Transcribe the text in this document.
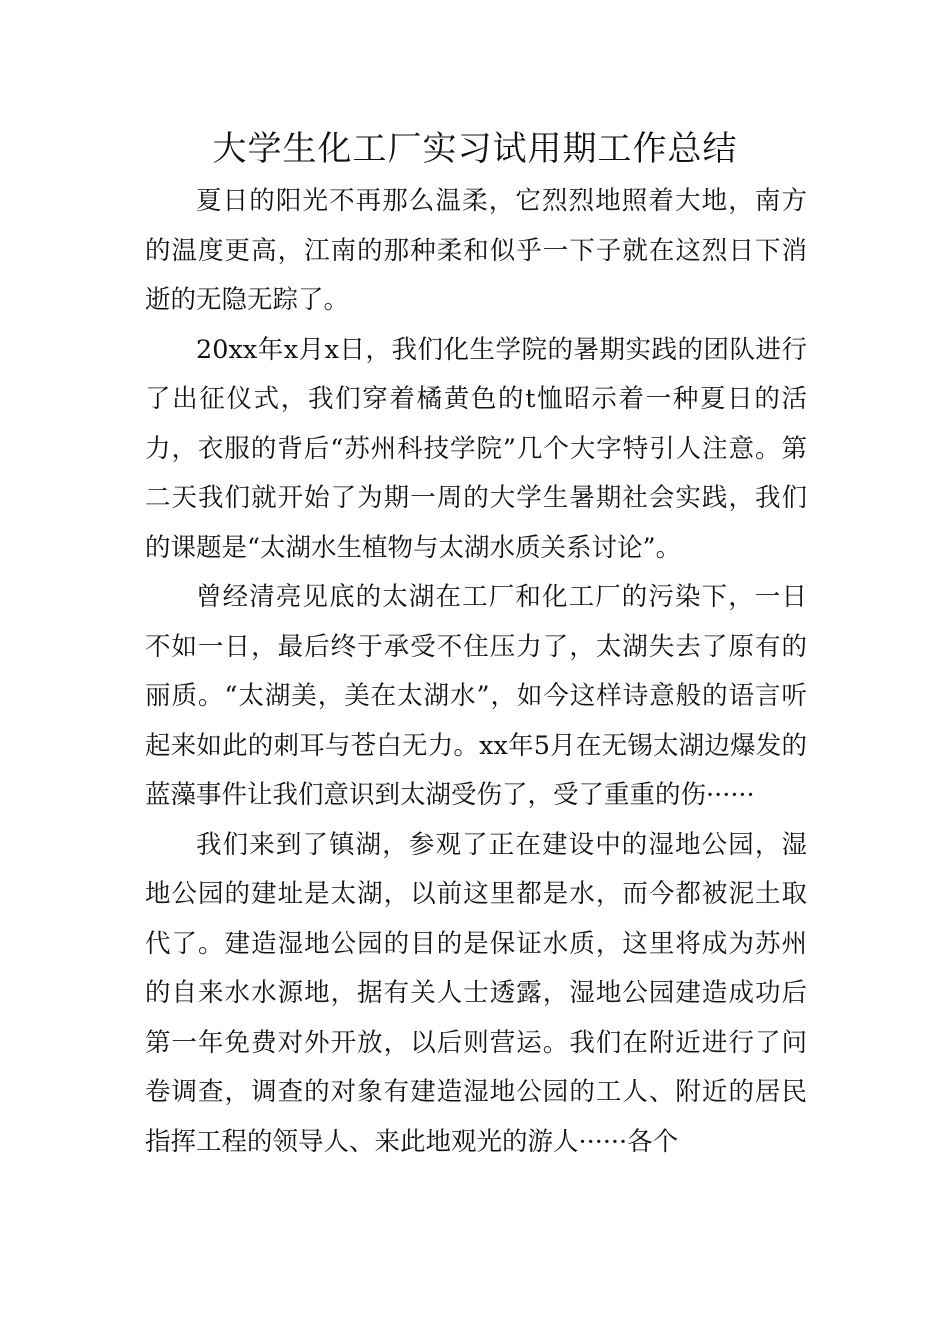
大学生化工厂实习试用期工作总结

夏日的阳光不再那么温柔，它烈烈地照着大地，南方的温度更高，江南的那种柔和似乎一下子就在这烈日下消逝的无隐无踪了。

20xx年x月x日，我们化生学院的暑期实践的团队进行了出征仪式，我们穿着橘黄色的t恤昭示着一种夏日的活力，衣服的背后“苏州科技学院”几个大字特引人注意。第二天我们就开始了为期一周的大学生暑期社会实践，我们的课题是“太湖水生植物与太湖水质关系讨论”。

曾经清亮见底的太湖在工厂和化工厂的污染下，一日不如一日，最后终于承受不住压力了，太湖失去了原有的丽质。“太湖美，美在太湖水”，如今这样诗意般的语言听起来如此的刺耳与苍白无力。xx年5月在无锡太湖边爆发的蓝藻事件让我们意识到太湖受伤了，受了重重的伤······

我们来到了镇湖，参观了正在建设中的湿地公园，湿地公园的建址是太湖，以前这里都是水，而今都被泥土取代了。建造湿地公园的目的是保证水质，这里将成为苏州的自来水水源地，据有关人士透露，湿地公园建造成功后第一年免费对外开放，以后则营运。我们在附近进行了问卷调查，调查的对象有建造湿地公园的工人、附近的居民指挥工程的领导人、来此地观光的游人······各个
